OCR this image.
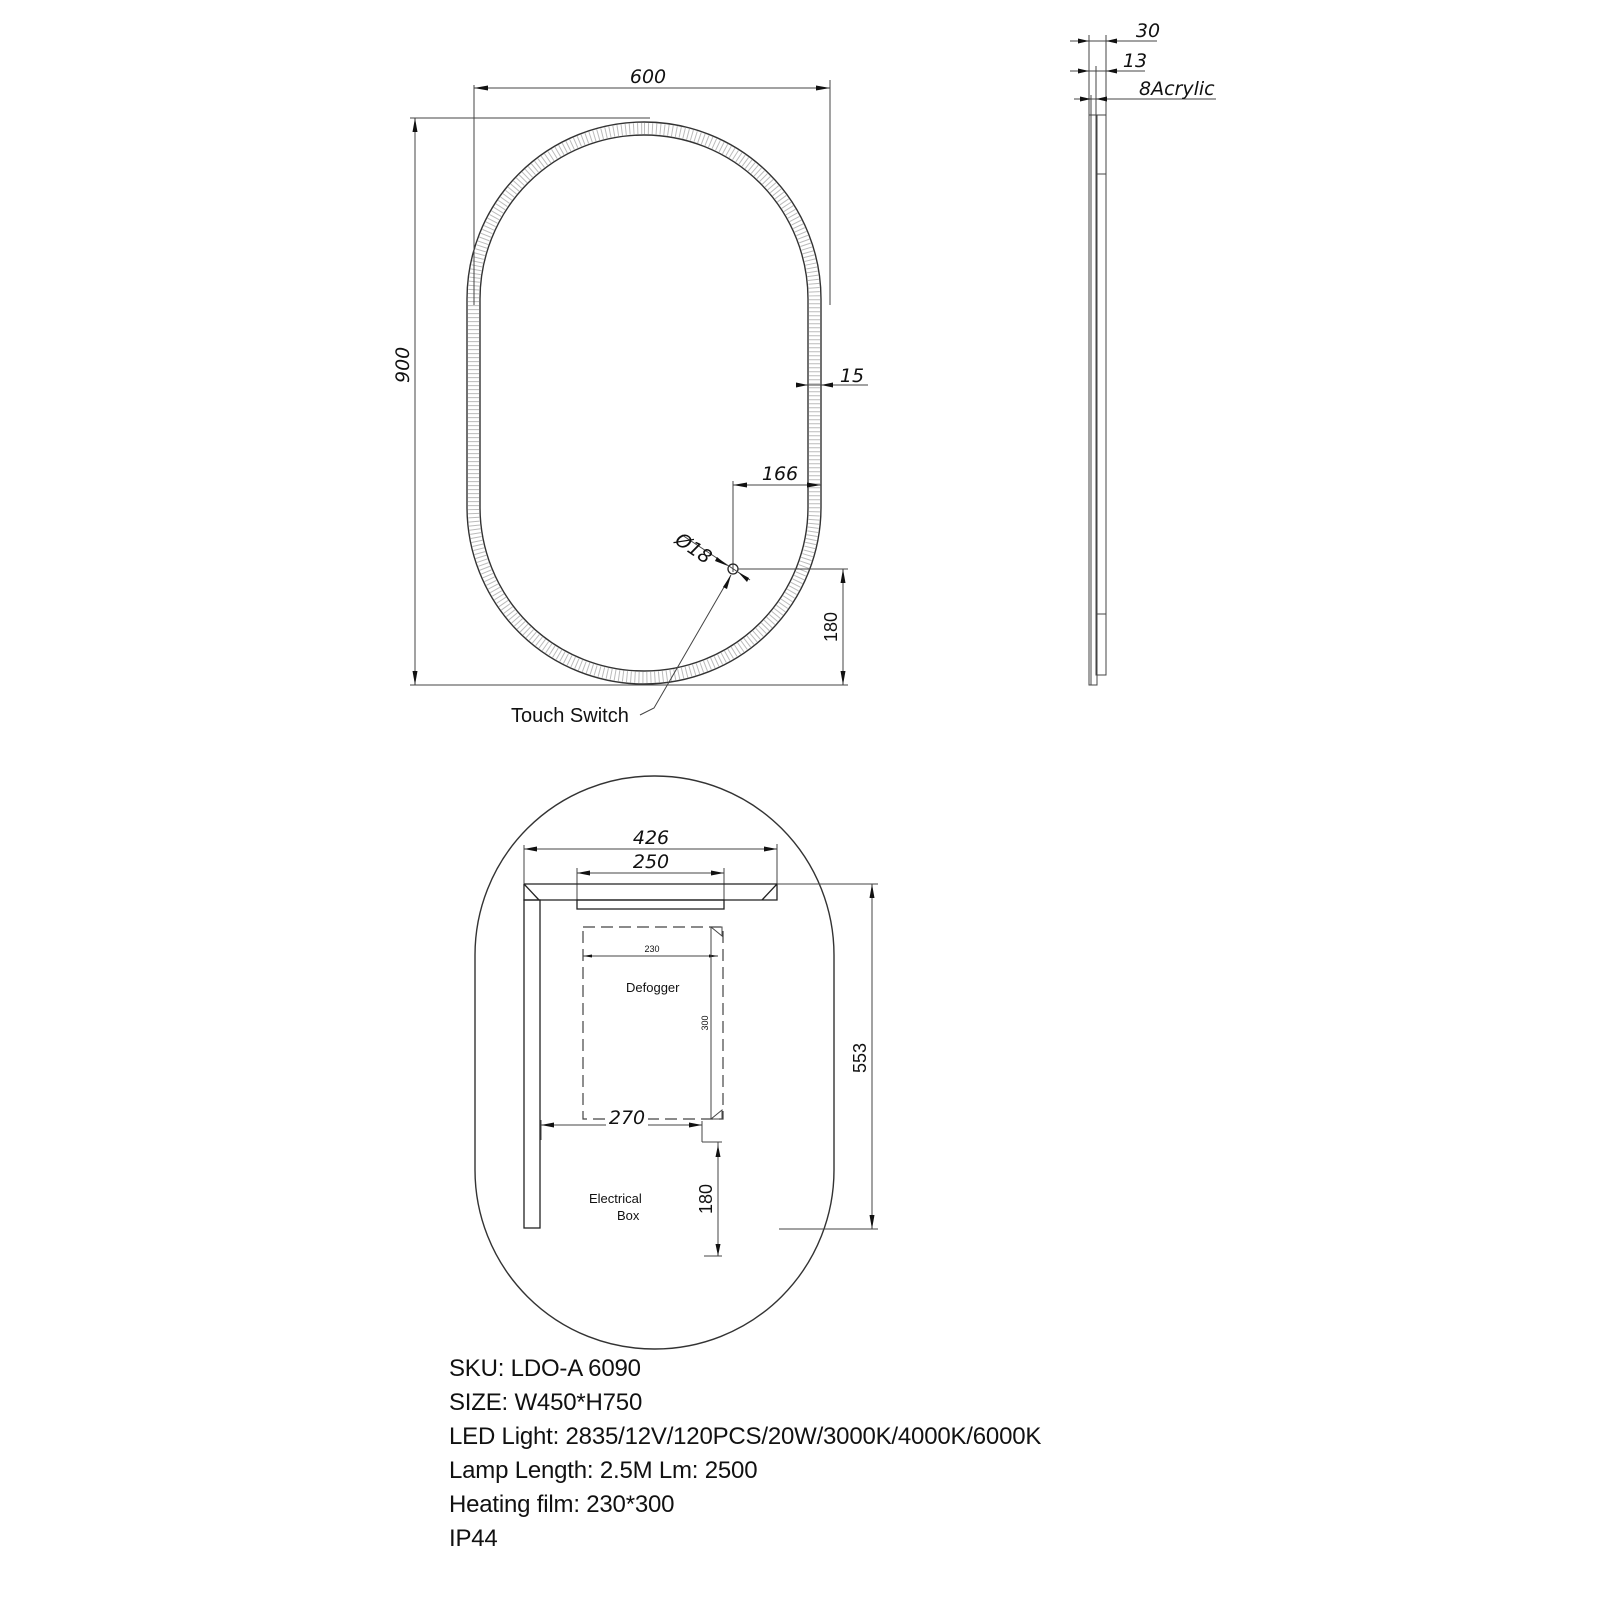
600
900	15
166
Ø18
180
Touch Switch
30
13
8Acrylic
426
250
553
230
300
Defogger
270
180
Electrical
Box
SKU: LDO-A 6090
SIZE: W450*H750
LED Light: 2835/12V/120PCS/20W/3000K/4000K/6000K
Lamp Length: 2.5M Lm: 2500
Heating film: 230*300
IP44
